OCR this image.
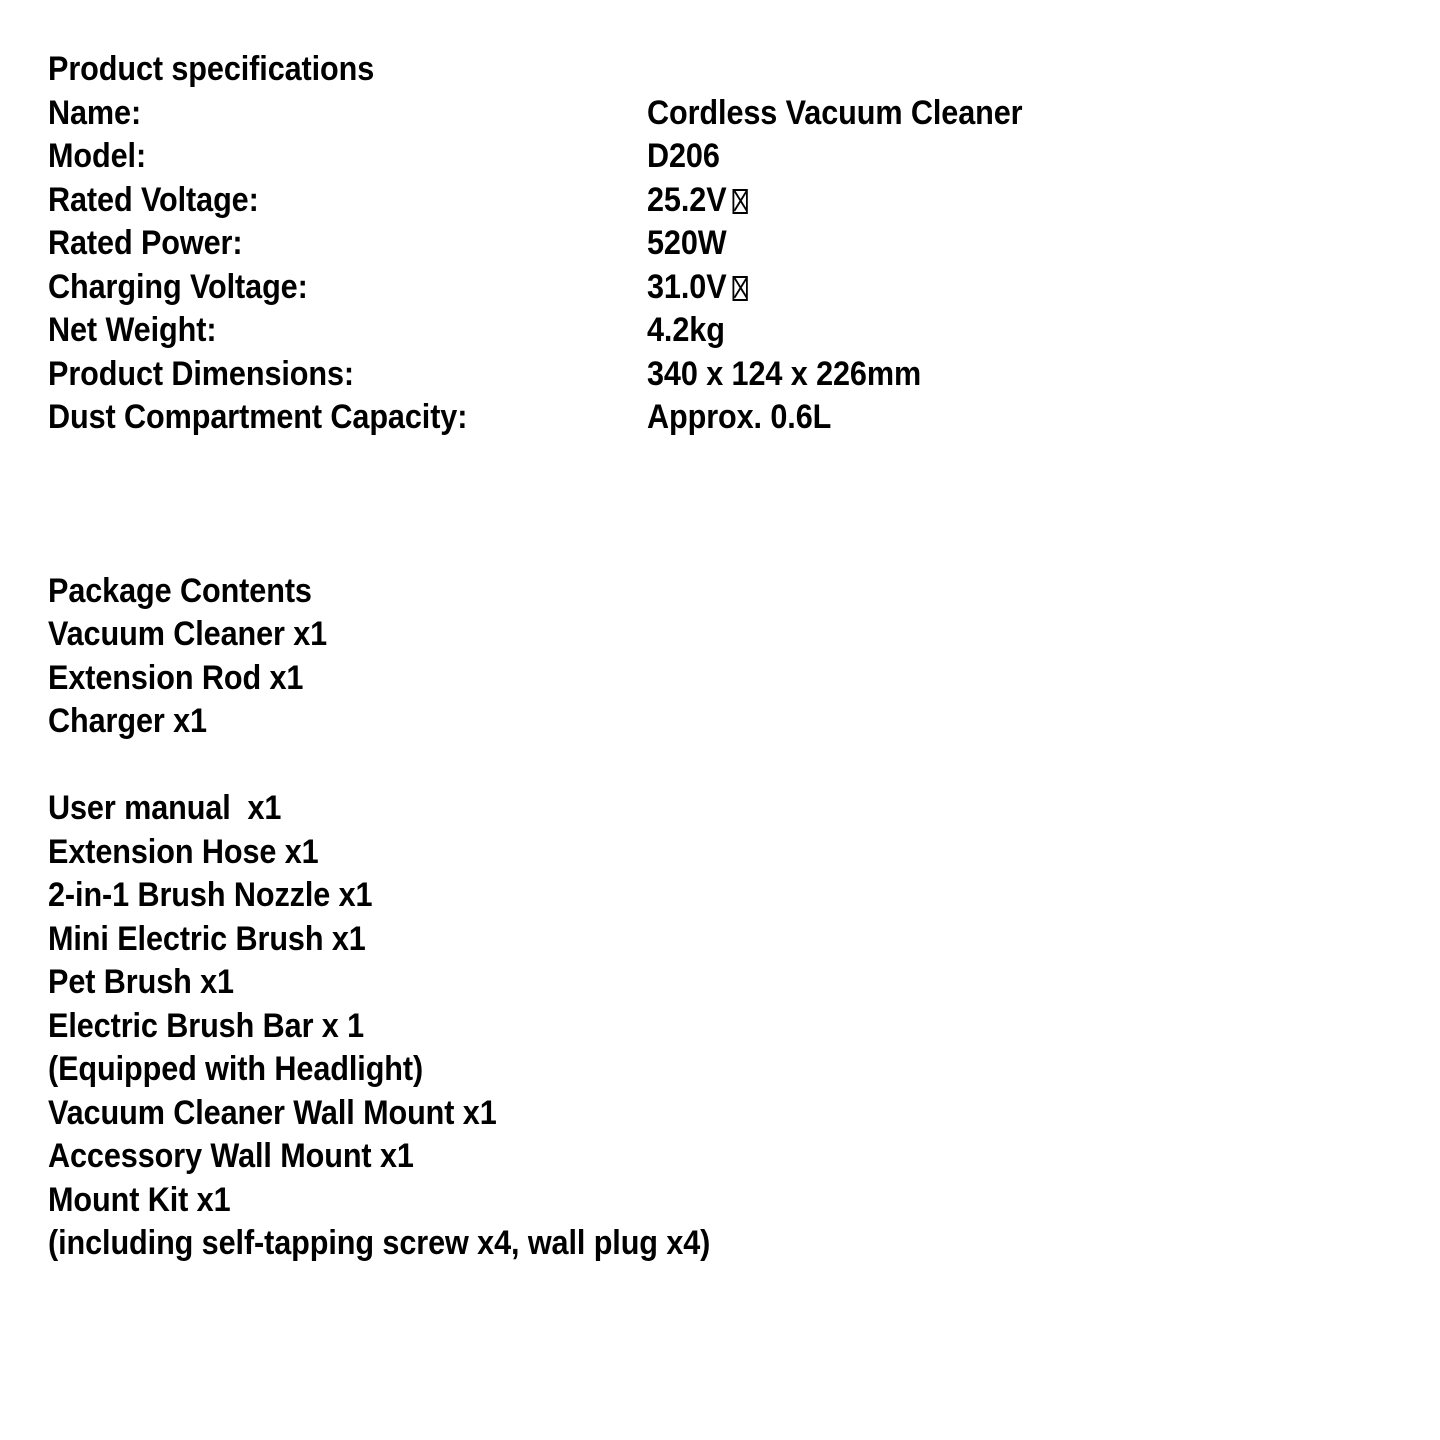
Product specifications
Name:	Cordless Vacuum Cleaner
Model:	D206
Rated Voltage:	25.2V
Rated Power:	520W
Charging Voltage:	31.0V
Net Weight:	4.2kg
Product Dimensions:	340 x 124 x 226mm
Dust Compartment Capacity:	Approx. 0.6L
Package Contents
Vacuum Cleaner x1
Extension Rod x1
Charger x1
User manual  x1
Extension Hose x1
2-in-1 Brush Nozzle x1
Mini Electric Brush x1
Pet Brush x1
Electric Brush Bar x 1
(Equipped with Headlight)
Vacuum Cleaner Wall Mount x1
Accessory Wall Mount x1
Mount Kit x1
(including self-tapping screw x4, wall plug x4)
